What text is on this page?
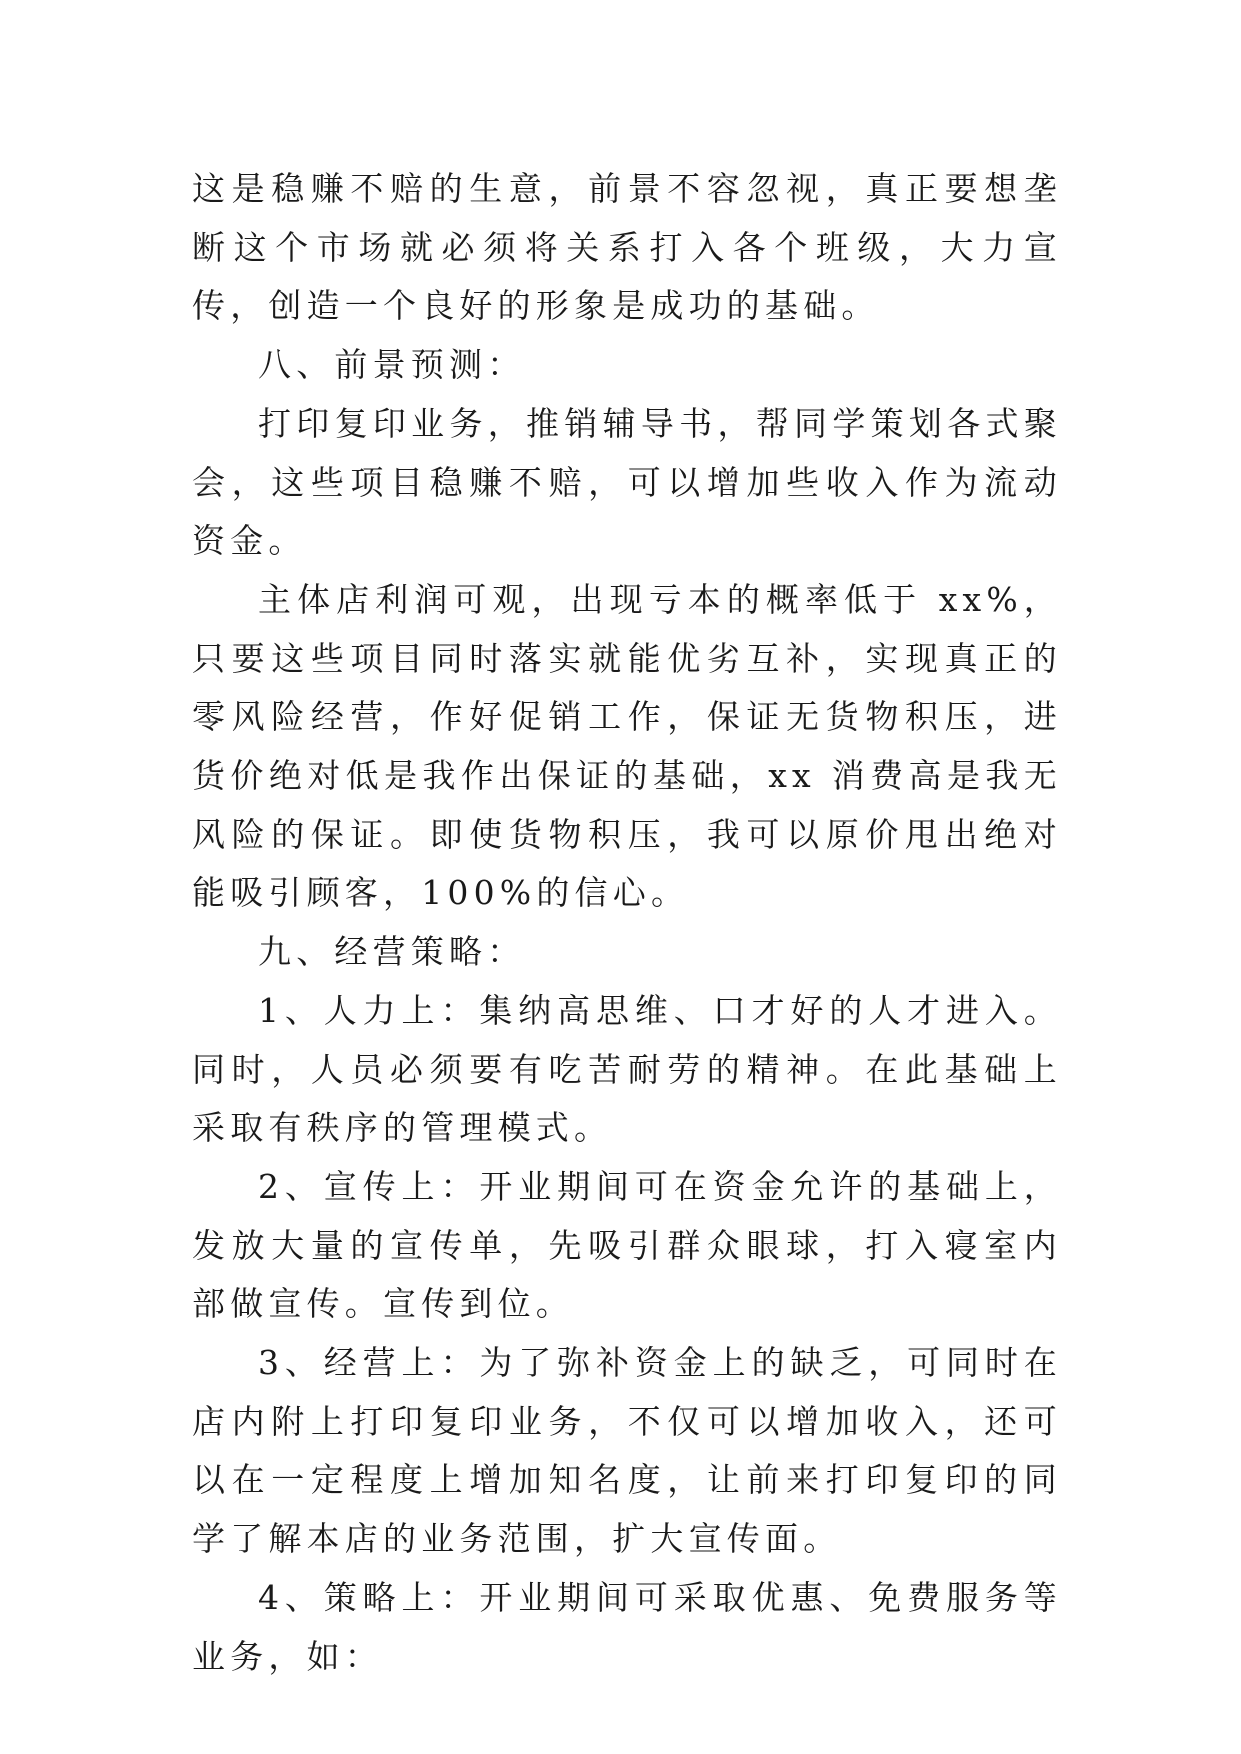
这是稳赚不赔的生意，前景不容忽视，真正要想垄断这个市场就必须将关系打入各个班级，大力宣传，创造一个良好的形象是成功的基础。

八、前景预测：

打印复印业务，推销辅导书，帮同学策划各式聚会，这些项目稳赚不赔，可以增加些收入作为流动资金。

主体店利润可观，出现亏本的概率低于 xx%，只要这些项目同时落实就能优劣互补，实现真正的零风险经营，作好促销工作，保证无货物积压，进货价绝对低是我作出保证的基础，xx 消费高是我无风险的保证。即使货物积压，我可以原价甩出绝对能吸引顾客，100%的信心。

九、经营策略：

1、人力上：集纳高思维、口才好的人才进入。同时，人员必须要有吃苦耐劳的精神。在此基础上采取有秩序的管理模式。

2、宣传上：开业期间可在资金允许的基础上，发放大量的宣传单，先吸引群众眼球，打入寝室内部做宣传。宣传到位。

3、经营上：为了弥补资金上的缺乏，可同时在店内附上打印复印业务，不仅可以增加收入，还可以在一定程度上增加知名度，让前来打印复印的同学了解本店的业务范围，扩大宣传面。

4、策略上：开业期间可采取优惠、免费服务等业务，如：
